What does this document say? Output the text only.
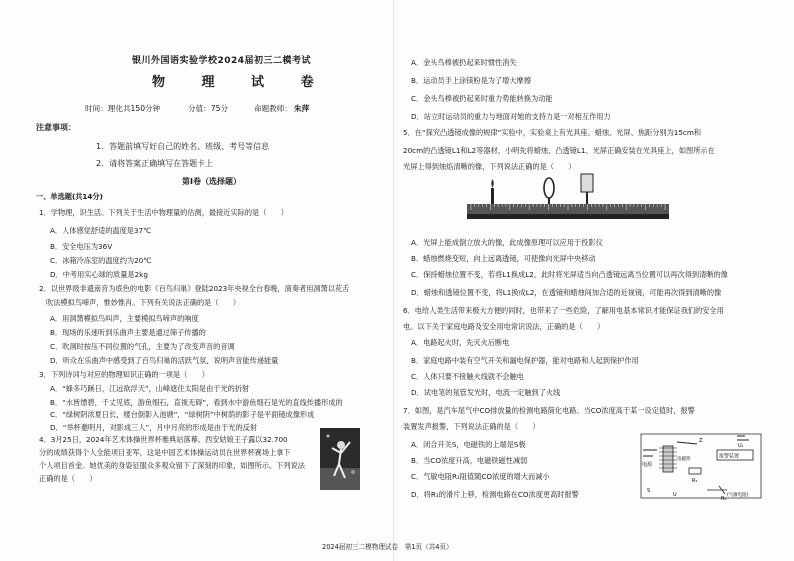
银川外国语实验学校2024届初三二模考试
物 理 试 卷
时间：理化共150分钟	分值：75分	命题教师： 朱萍
注意事项：
1．答题前填写好自己的姓名、班级、考号等信息
2．请将答案正确填写在答题卡上
第Ⅰ卷（选择题）
一、单选题(共14分)
1．学物理，识生活。下列关于生活中物理量的估测，最接近实际的是（　　）
A．人体感觉舒适的温度是37℃
B．安全电压为36V
C．冰箱冷冻室的温度约为20℃
D．中考用实心球的质量是2kg
2．以世界级非遗南音为底色的电影《百鸟归巢》登陆2023年央视全台春晚，演奏者用洞箫以花舌
吹法模拟鸟啼声，惟妙惟肖。下列有关说法正确的是（　　）
A．用洞箫模拟鸟叫声，主要模拟鸟啼声的响度
B．现场的乐迷听到乐曲声主要是通过筛子传播的
C．吹洞时按压不同位置的气孔，主要为了改变声音的音调
D．听众在乐曲声中感受到了百鸟归巢的活跃气氛，说明声音能传递能量
3．下列诗词与对应的物理知识正确的一项是（　　）
A．“蜂多巧蹊日，江远欲浮天”，山峰遮住太阳是由于光的折射
B．“水皆缥碧，千丈见底，游鱼细石，直视无碍”，看到水中游鱼细石是光的直线传播形成的
C．“绿树阴浓夏日长，楼台倒影入池塘”，“绿树阴”中树荫的影子是平面镜成像形成
D．“举杯邀明月，对影成三人”，月中月亮的形成是由于光的反射
4．3月25日，2024年艺术体操世界杯雅典站落幕。西安姑娘王子露以32.700
分的成绩获得个人全能项目亚军，这是中国艺术体操运动员在世界杯赛场上拿下
个人项目首金。她优美的身姿征服众多观众留下了深刻的印象，如图所示。下列说法
正确的是（　　）
A．金头鸟棒被扔起来时惯性消失
B．运动员手上涂镁粉是为了增大摩擦
C．金头鸟棒被扔起来时重力势能转换为动能
D．站立时运动员的重力与地面对她的支持力是一对相互作用力
5．在“探究凸透镜成像的规律”实验中，实验桌上有光具座、蜡烛、光屏、焦距分别为15cm和
20cm的凸透镜L1和L2等器材，小明先将蜡烛、凸透镜L1、光屏正确安装在光具座上，如图所示在
光屏上得到烛焰清晰的像，下列说法正确的是（　　）
A．光屏上能成倒立放大的像，此成像原理可以应用于投影仪
B．蜡烛燃烧变短，向上远离透镜，可使像向光屏中央移动
C．保持蜡烛位置不变，若将L1换成L2，此时将光屏适当向凸透镜远离当位置可以再次得到清晰的像
D．蜡烛和透镜位置不变，将L1换成L2，在透镜和蜡烛间加合适的近视镜，可能再次得到清晰的像
6．电给人类生活带来极大方便的同时，也带来了一些危险，了解用电基本常识才能保证我们的安全用
电。以下关于家庭电路及安全用电常识说法，正确的是（　　）
A．电路起火时，先灭火后断电
B．家庭电路中装有空气开关和漏电保护器，能对电路和人起到保护作用
C．人体只要不接触火线就不会触电
D．试电笔的氖管发光时，电流一定触到了火线
7．如图，是汽车尾气中CO排放量的检测电路简化电路。当CO浓度高于某一设定值时，报警
装置发声报警，下列说法正确的是（　　）
A．闭合开关S，电磁铁的上端是S极
B．当CO浓度升高，电磁铁磁性减弱
C．气敏电阻R₁阻值随CO浓度的增大而减小
D．将R₁的滑片上移，检测电路在CO浓度更高时报警
电源
电磁铁	报警装置
R₁
R₂
S
Z
U₁
U	(气敏电阻)
2024届初三二模物理试卷　第1页（共4页）
